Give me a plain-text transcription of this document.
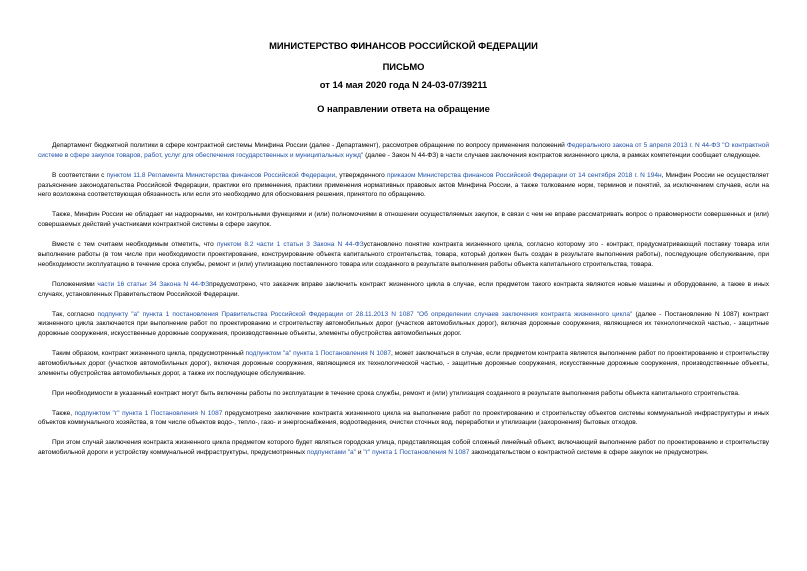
МИНИСТЕРСТВО ФИНАНСОВ РОССИЙСКОЙ ФЕДЕРАЦИИ
ПИСЬМО
от 14 мая 2020 года N 24-03-07/39211
О направлении ответа на обращение

Департамент бюджетной политики в сфере контрактной системы Минфина России (далее - Департамент), рассмотрев обращение по вопросу применения положений Федерального закона от 5 апреля 2013 г. N 44-ФЗ "О контрактной системе в сфере закупок товаров, работ, услуг для обеспечения государственных и муниципальных нужд" (далее - Закон N 44-ФЗ) в части случаев заключения контрактов жизненного цикла, в рамках компетенции сообщает следующее.

В соответствии с пунктом 11.8 Регламента Министерства финансов Российской Федерации, утвержденного приказом Министерства финансов Российской Федерации от 14 сентября 2018 г. N 194н, Минфин России не осуществляет разъяснение законодательства Российской Федерации, практики его применения, практики применения нормативных правовых актов Минфина России, а также толкование норм, терминов и понятий, за исключением случаев, если на него возложена соответствующая обязанность или если это необходимо для обоснования решения, принятого по обращению.

Также, Минфин России не обладает ни надзорными, ни контрольными функциями и (или) полномочиями в отношении осуществляемых закупок, в связи с чем не вправе рассматривать вопрос о правомерности совершенных и (или) совершаемых действий участниками контрактной системы в сфере закупок.

Вместе с тем считаем необходимым отметить, что пунктом 8.2 части 1 статьи 3 Закона N 44-ФЗустановлено понятие контракта жизненного цикла, согласно которому это - контракт, предусматривающий поставку товара или выполнение работы (в том числе при необходимости проектирование, конструирование объекта капитального строительства, товара, который должен быть создан в результате выполнения работы), последующие обслуживание, при необходимости эксплуатацию в течение срока службы, ремонт и (или) утилизацию поставленного товара или созданного в результате выполнения работы объекта капитального строительства, товара.

Положениями части 16 статьи 34 Закона N 44-ФЗпредусмотрено, что заказчик вправе заключить контракт жизненного цикла в случае, если предметом такого контракта являются новые машины и оборудование, а также в иных случаях, установленных Правительством Российской Федерации.

Так, согласно подпункту "а" пункта 1 постановления Правительства Российской Федерации от 28.11.2013 N 1087 "Об определении случаев заключения контракта жизненного цикла" (далее - Постановление N 1087) контракт жизненного цикла заключается при выполнение работ по проектированию и строительству автомобильных дорог (участков автомобильных дорог), включая дорожные сооружения, являющиеся их технологической частью, - защитные дорожные сооружения, искусственные дорожные сооружения, производственные объекты, элементы обустройства автомобильных дорог.

Таким образом, контракт жизненного цикла, предусмотренный подпунктом "а" пункта 1 Постановления N 1087, может заключаться в случае, если предметом контракта является выполнение работ по проектированию и строительству автомобильных дорог (участков автомобильных дорог), включая дорожные сооружения, являющиеся их технологической частью, - защитные дорожные сооружения, искусственные дорожные сооружения, производственные объекты, элементы обустройства автомобильных дорог, а также их последующее обслуживание.

При необходимости в указанный контракт могут быть включены работы по эксплуатации в течение срока службы, ремонт и (или) утилизация созданного в результате выполнения работы объекта капитального строительства.

Также, подпунктом "г" пункта 1 Постановления N 1087 предусмотрено заключение контракта жизненного цикла на выполнение работ по проектированию и строительству объектов системы коммунальной инфраструктуры и иных объектов коммунального хозяйства, в том числе объектов водо-, тепло-, газо- и энергоснабжения, водоотведения, очистки сточных вод, переработки и утилизации (захоронения) бытовых отходов.

При этом случай заключения контракта жизненного цикла предметом которого будет являться городская улица, представляющая собой сложный линейный объект, включающий выполнение работ по проектированию и строительству автомобильной дороги и устройству коммунальной инфраструктуры, предусмотренных подпунктами "а" и "г" пункта 1 Постановления N 1087 законодательством о контрактной системе в сфере закупок не предусмотрен.
